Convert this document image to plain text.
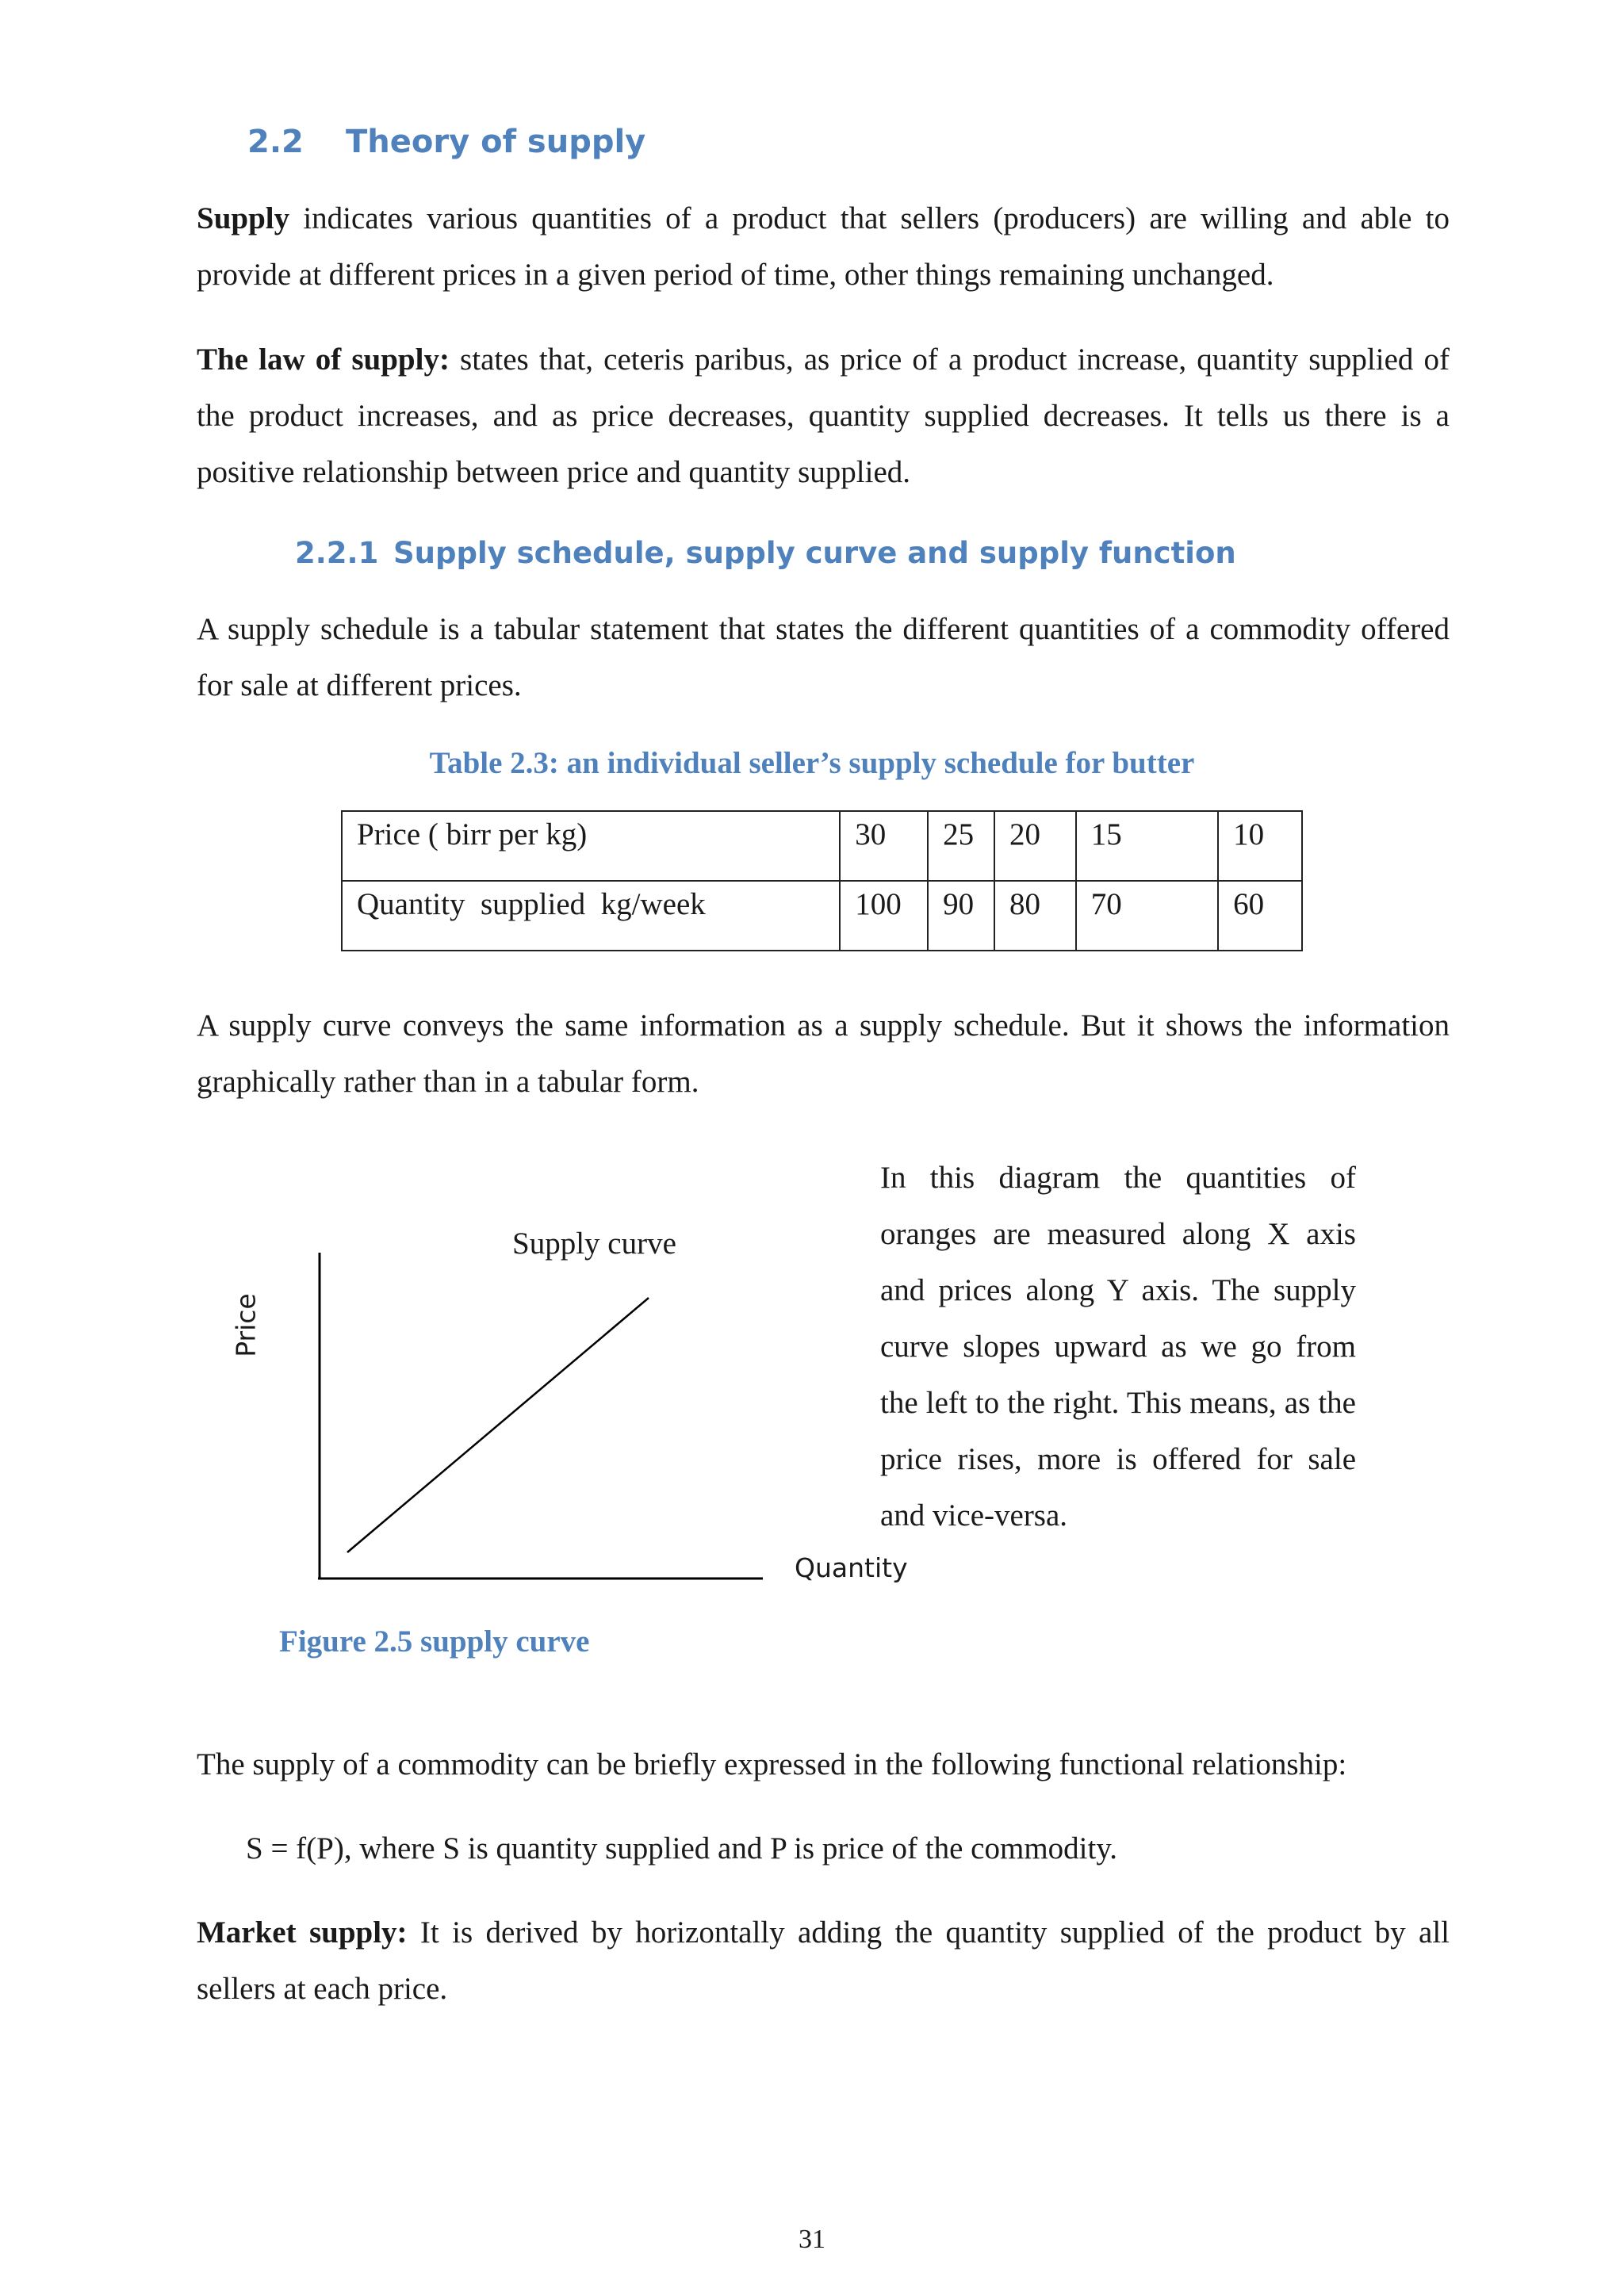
2.2 Theory of supply
Supply indicates various quantities of a product that sellers (producers) are willing and able to provide at different prices in a given period of time, other things remaining unchanged.
The law of supply: states that, ceteris paribus, as price of a product increase, quantity supplied of the product increases, and as price decreases, quantity supplied decreases. It tells us there is a positive relationship between price and quantity supplied.
2.2.1 Supply schedule, supply curve and supply function
A supply schedule is a tabular statement that states the different quantities of a commodity offered for sale at different prices.
Table 2.3: an individual seller’s supply schedule for butter
Price ( birr per kg)	30	25	20	15	10
Quantity  supplied  kg/week	100	90	80	70	60
A supply curve conveys the same information as a supply schedule. But it shows the information graphically rather than in a tabular form.
Supply curve
Price
Quantity
Figure 2.5 supply curve
In this diagram the quantities of oranges are measured along X axis and prices along Y axis. The supply curve slopes upward as we go from the left to the right. This means, as the price rises, more is offered for sale and vice-versa.
The supply of a commodity can be briefly expressed in the following functional relationship:
S = f(P), where S is quantity supplied and P is price of the commodity.
Market supply: It is derived by horizontally adding the quantity supplied of the product by all sellers at each price.
31
